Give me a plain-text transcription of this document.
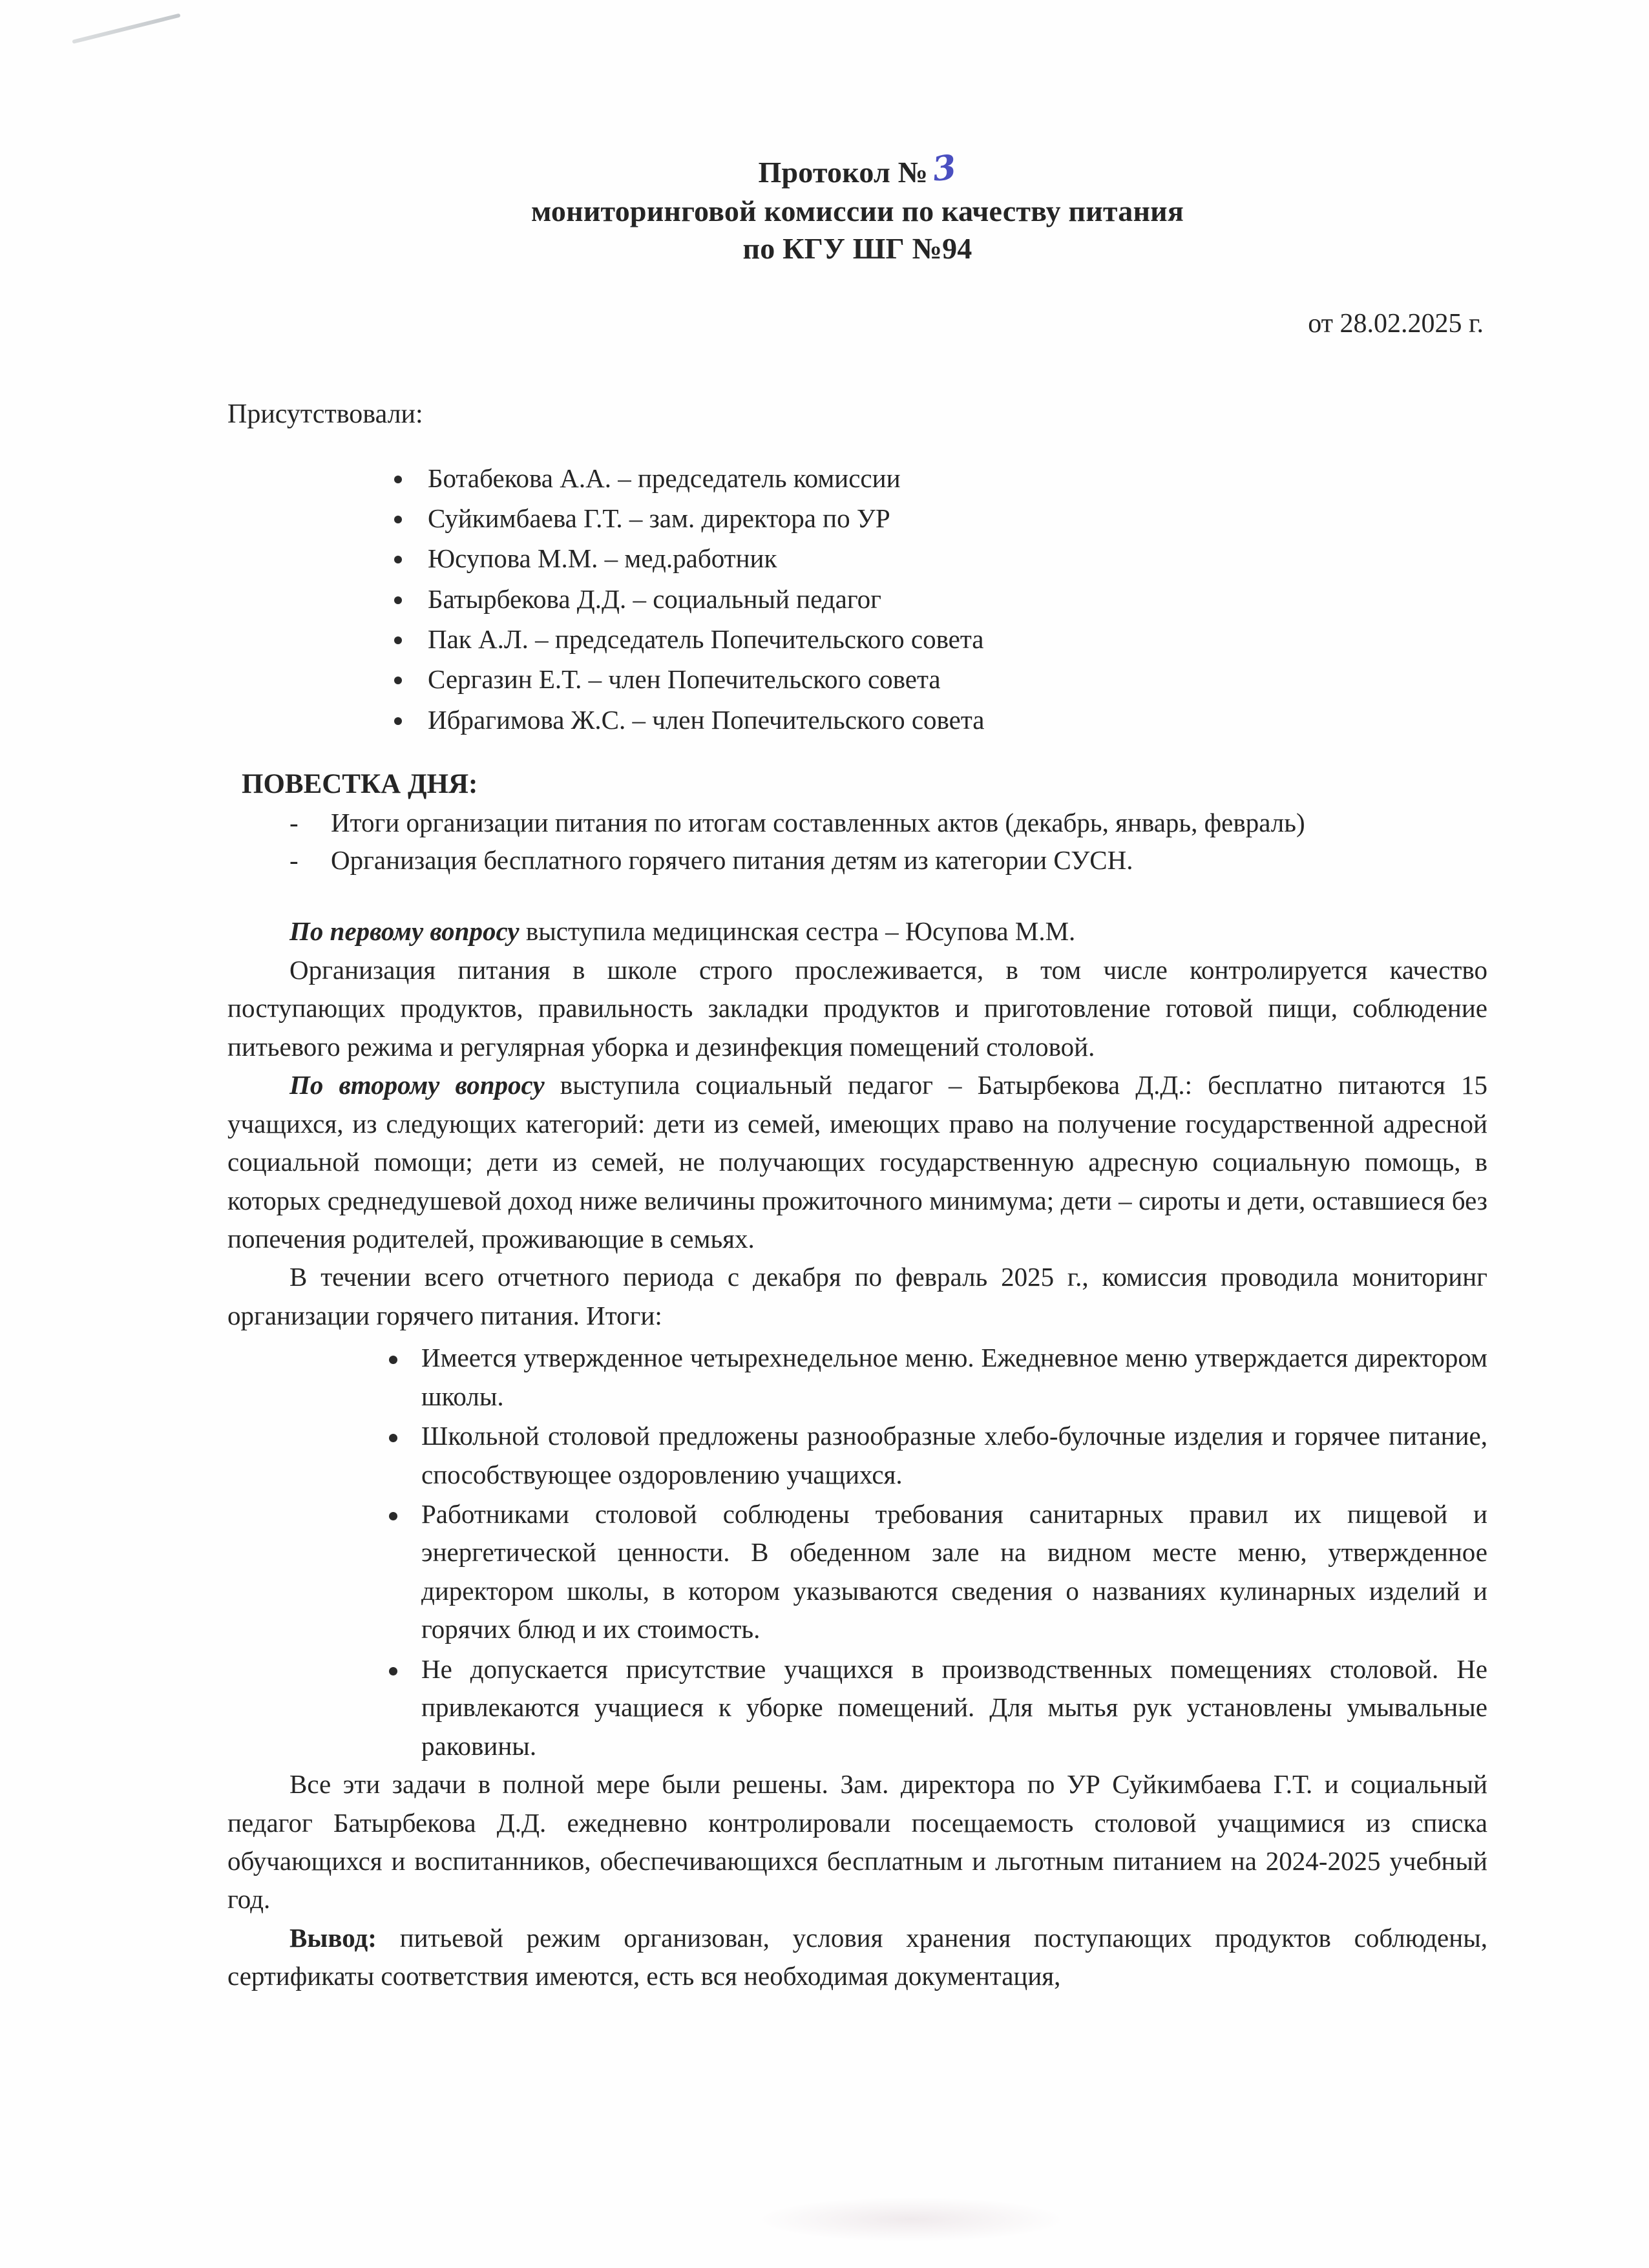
Протокол №3
мониторинговой комиссии по качеству питания
по КГУ ШГ №94
от 28.02.2025 г.
Присутствовали:
Ботабекова А.А. – председатель комиссии
Суйкимбаева Г.Т. – зам. директора по УР
Юсупова М.М. – мед.работник
Батырбекова Д.Д. – социальный педагог
Пак А.Л. – председатель Попечительского совета
Сергазин Е.Т. – член Попечительского совета
Ибрагимова Ж.С. – член Попечительского совета
ПОВЕСТКА ДНЯ:
- Итоги организации питания по итогам составленных актов (декабрь, январь, февраль)
- Организация бесплатного горячего питания детям из категории СУСН.

По первому вопросу выступила медицинская сестра – Юсупова М.М.

Организация питания в школе строго прослеживается, в том числе контролируется качество поступающих продуктов, правильность закладки продуктов и приготовление готовой пищи, соблюдение питьевого режима и регулярная уборка и дезинфекция помещений столовой.

По второму вопросу выступила социальный педагог – Батырбекова Д.Д.: бесплатно питаются 15 учащихся, из следующих категорий: дети из семей, имеющих право на получение государственной адресной социальной помощи; дети из семей, не получающих государственную адресную социальную помощь, в которых среднедушевой доход ниже величины прожиточного минимума; дети – сироты и дети, оставшиеся без попечения родителей, проживающие в семьях.

В течении всего отчетного периода с декабря по февраль 2025 г., комиссия проводила мониторинг организации горячего питания. Итоги:

Имеется утвержденное четырехнедельное меню. Ежедневное меню утверждается директором школы.
Школьной столовой предложены разнообразные хлебо-булочные изделия и горячее питание, способствующее оздоровлению учащихся.
Работниками столовой соблюдены требования санитарных правил их пищевой и энергетической ценности. В обеденном зале на видном месте меню, утвержденное директором школы, в котором указываются сведения о названиях кулинарных изделий и горячих блюд и их стоимость.
Не допускается присутствие учащихся в производственных помещениях столовой. Не привлекаются учащиеся к уборке помещений. Для мытья рук установлены умывальные раковины.

Все эти задачи в полной мере были решены. Зам. директора по УР Суйкимбаева Г.Т. и социальный педагог Батырбекова Д.Д. ежедневно контролировали посещаемость столовой учащимися из списка обучающихся и воспитанников, обеспечивающихся бесплатным и льготным питанием на 2024-2025 учебный год.

Вывод: питьевой режим организован, условия хранения поступающих продуктов соблюдены, сертификаты соответствия имеются, есть вся необходимая документация,
